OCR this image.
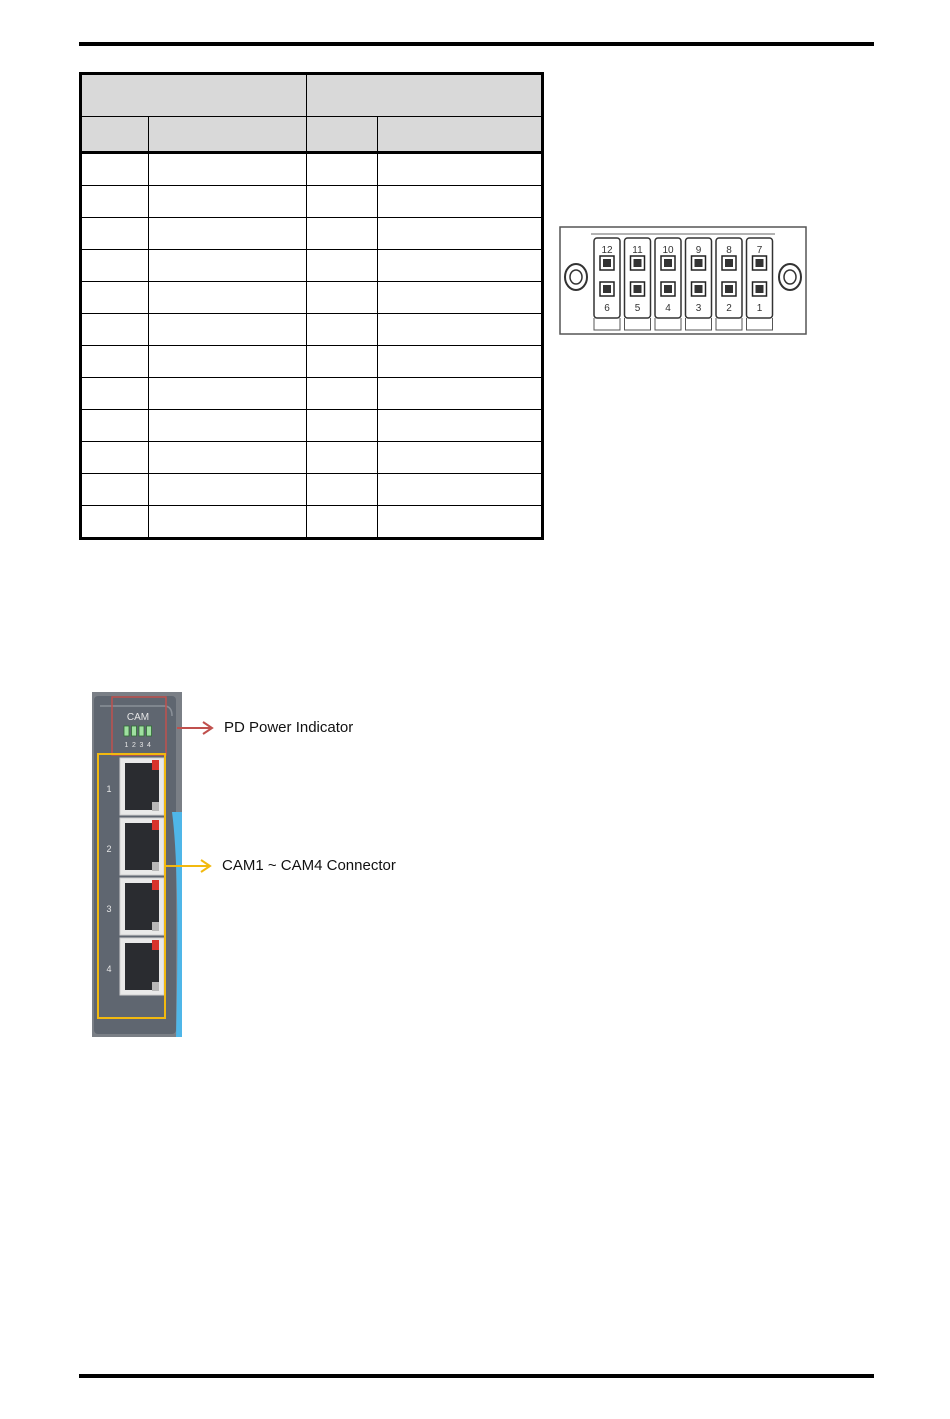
12
6
11
5
10
4
9
3
8
2
7
1
CAM
1 2 3 4
1
2
3
4
PD Power Indicator
CAM1 ~ CAM4 Connector
